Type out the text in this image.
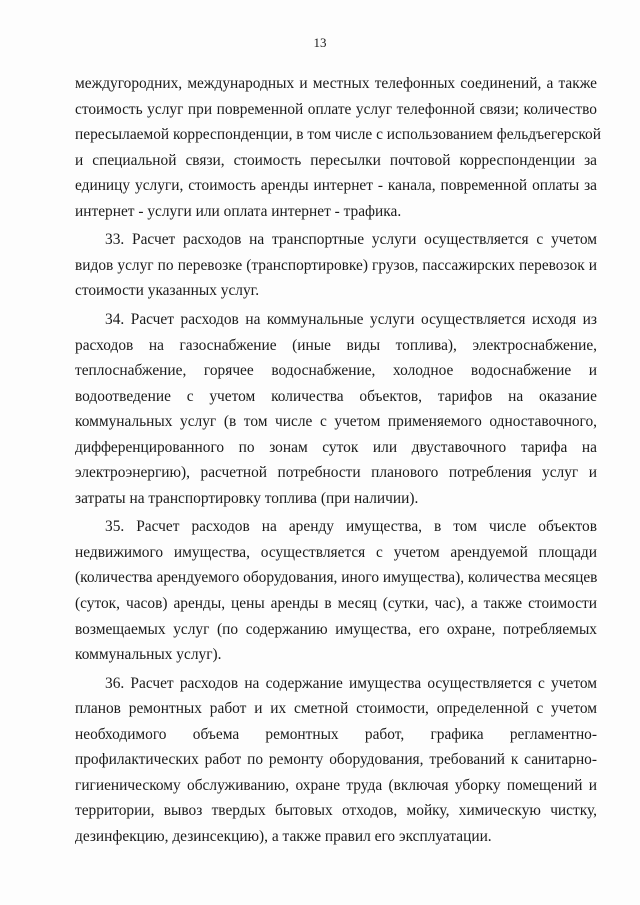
13
междугородних, международных и местных телефонных соединений, а также
стоимость услуг при повременной оплате услуг телефонной связи; количество
пересылаемой корреспонденции, в том числе с использованием фельдъегерской
и специальной связи, стоимость пересылки почтовой корреспонденции за
единицу услуги, стоимость аренды интернет - канала, повременной оплаты за
интернет - услуги или оплата интернет - трафика.
33. Расчет расходов на транспортные услуги осуществляется с учетом
видов услуг по перевозке (транспортировке) грузов, пассажирских перевозок и
стоимости указанных услуг.
34. Расчет расходов на коммунальные услуги осуществляется исходя из
расходов на газоснабжение (иные виды топлива), электроснабжение,
теплоснабжение, горячее водоснабжение, холодное водоснабжение и
водоотведение с учетом количества объектов, тарифов на оказание
коммунальных услуг (в том числе с учетом применяемого одноставочного,
дифференцированного по зонам суток или двуставочного тарифа на
электроэнергию), расчетной потребности планового потребления услуг и
затраты на транспортировку топлива (при наличии).
35. Расчет расходов на аренду имущества, в том числе объектов
недвижимого имущества, осуществляется с учетом арендуемой площади
(количества арендуемого оборудования, иного имущества), количества месяцев
(суток, часов) аренды, цены аренды в месяц (сутки, час), а также стоимости
возмещаемых услуг (по содержанию имущества, его охране, потребляемых
коммунальных услуг).
36. Расчет расходов на содержание имущества осуществляется с учетом
планов ремонтных работ и их сметной стоимости, определенной с учетом
необходимого объема ремонтных работ, графика регламентно-
профилактических работ по ремонту оборудования, требований к санитарно-
гигиеническому обслуживанию, охране труда (включая уборку помещений и
территории, вывоз твердых бытовых отходов, мойку, химическую чистку,
дезинфекцию, дезинсекцию), а также правил его эксплуатации.
